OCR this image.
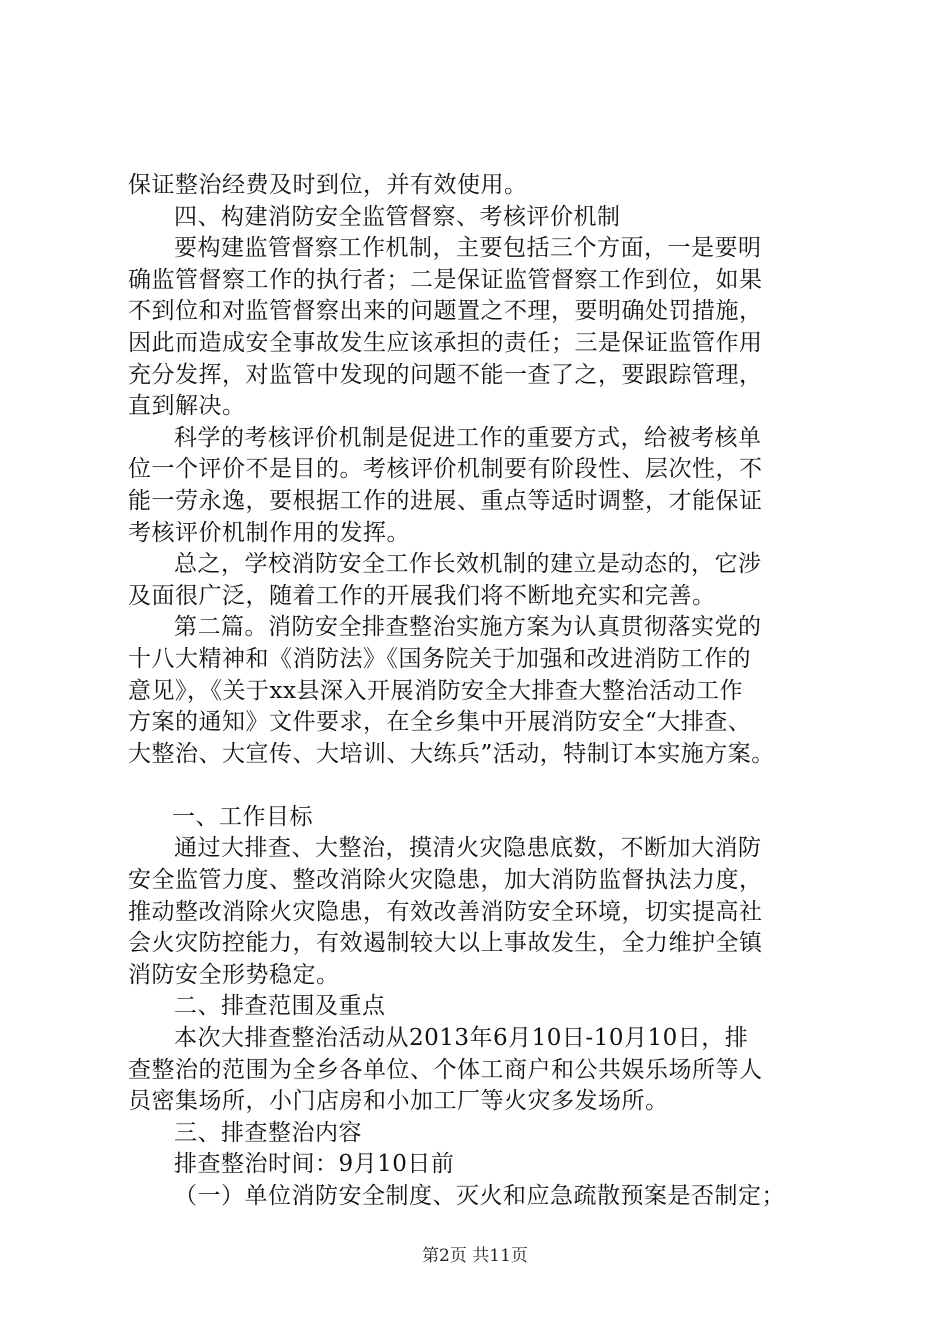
保证整治经费及时到位，并有效使用。
四、构建消防安全监管督察、考核评价机制
要构建监管督察工作机制，主要包括三个方面，一是要明
确监管督察工作的执行者；二是保证监管督察工作到位，如果
不到位和对监管督察出来的问题置之不理，要明确处罚措施，
因此而造成安全事故发生应该承担的责任；三是保证监管作用
充分发挥，对监管中发现的问题不能一查了之，要跟踪管理，
直到解决。
科学的考核评价机制是促进工作的重要方式，给被考核单
位一个评价不是目的。考核评价机制要有阶段性、层次性，不
能一劳永逸，要根据工作的进展、重点等适时调整，才能保证
考核评价机制作用的发挥。
总之，学校消防安全工作长效机制的建立是动态的，它涉
及面很广泛，随着工作的开展我们将不断地充实和完善。
第二篇。消防安全排查整治实施方案为认真贯彻落实党的
十八大精神和《消防法》《国务院关于加强和改进消防工作的
意见》，《关于xx县深入开展消防安全大排查大整治活动工作
方案的通知》文件要求，在全乡集中开展消防安全“大排查、
大整治、大宣传、大培训、大练兵”活动，特制订本实施方案。
一、工作目标
通过大排查、大整治，摸清火灾隐患底数，不断加大消防
安全监管力度、整改消除火灾隐患，加大消防监督执法力度，
推动整改消除火灾隐患，有效改善消防安全环境，切实提高社
会火灾防控能力，有效遏制较大以上事故发生，全力维护全镇
消防安全形势稳定。
二、排查范围及重点
本次大排查整治活动从2013年6月10日-10月10日，排
查整治的范围为全乡各单位、个体工商户和公共娱乐场所等人
员密集场所，小门店房和小加工厂等火灾多发场所。
三、排查整治内容
排查整治时间：9月10日前
（一）单位消防安全制度、灭火和应急疏散预案是否制定；
第2页 共11页
